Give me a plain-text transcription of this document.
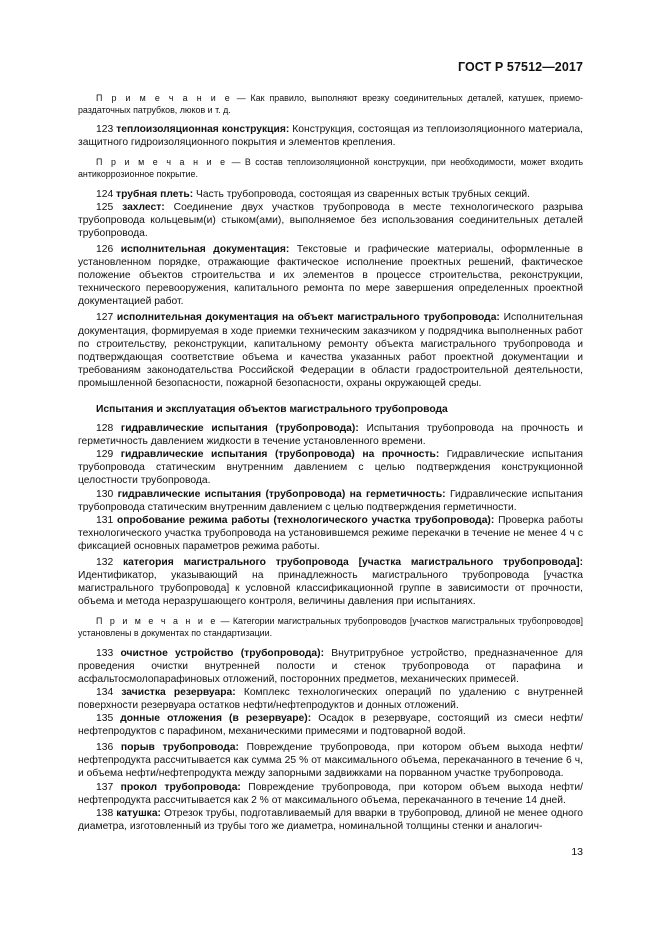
ГОСТ Р 57512—2017

П р и м е ч а н и е — Как правило, выполняют врезку соединительных деталей, катушек, приемо-раздаточных патрубков, люков и т. д.

123 теплоизоляционная конструкция: Конструкция, состоящая из теплоизоляционного материала, защитного гидроизоляционного покрытия и элементов крепления.

П р и м е ч а н и е — В состав теплоизоляционной конструкции, при необходимости, может входить антикоррозионное покрытие.

124 трубная плеть: Часть трубопровода, состоящая из сваренных встык трубных секций.

125 захлест: Соединение двух участков трубопровода в месте технологического разрыва трубопровода кольцевым(и) стыком(ами), выполняемое без использования соединительных деталей трубопровода.

126 исполнительная документация: Текстовые и графические материалы, оформленные в установленном порядке, отражающие фактическое исполнение проектных решений, фактическое положение объектов строительства и их элементов в процессе строительства, реконструкции, технического перевооружения, капитального ремонта по мере завершения определенных проектной документацией работ.

127 исполнительная документация на объект магистрального трубопровода: Исполнительная документация, формируемая в ходе приемки техническим заказчиком у подрядчика выполненных работ по строительству, реконструкции, капитальному ремонту объекта магистрального трубопровода и подтверждающая соответствие объема и качества указанных работ проектной документации и требованиям законодательства Российской Федерации в области градостроительной деятельности, промышленной безопасности, пожарной безопасности, охраны окружающей среды.

Испытания и эксплуатация объектов магистрального трубопровода

128 гидравлические испытания (трубопровода): Испытания трубопровода на прочность и герметичность давлением жидкости в течение установленного времени.

129 гидравлические испытания (трубопровода) на прочность: Гидравлические испытания трубопровода статическим внутренним давлением с целью подтверждения конструкционной целостности трубопровода.

130 гидравлические испытания (трубопровода) на герметичность: Гидравлические испытания трубопровода статическим внутренним давлением с целью подтверждения герметичности.

131 опробование режима работы (технологического участка трубопровода): Проверка работы технологического участка трубопровода на установившемся режиме перекачки в течение не менее 4 ч с фиксацией основных параметров режима работы.

132 категория магистрального трубопровода [участка магистрального трубопровода]: Идентификатор, указывающий на принадлежность магистрального трубопровода [участка магистрального трубопровода] к условной классификационной группе в зависимости от прочности, объема и метода неразрушающего контроля, величины давления при испытаниях.

П р и м е ч а н и е — Категории магистральных трубопроводов [участков магистральных трубопроводов] установлены в документах по стандартизации.

133 очистное устройство (трубопровода): Внутритрубное устройство, предназначенное для проведения очистки внутренней полости и стенок трубопровода от парафина и асфальтосмолопарафиновых отложений, посторонних предметов, механических примесей.

134 зачистка резервуара: Комплекс технологических операций по удалению с внутренней поверхности резервуара остатков нефти/нефтепродуктов и донных отложений.

135 донные отложения (в резервуаре): Осадок в резервуаре, состоящий из смеси нефти/нефтепродуктов с парафином, механическими примесями и подтоварной водой.

136 порыв трубопровода: Повреждение трубопровода, при котором объем выхода нефти/нефтепродукта рассчитывается как сумма 25 % от максимального объема, перекачанного в течение 6 ч, и объема нефти/нефтепродукта между запорными задвижками на порванном участке трубопровода.

137 прокол трубопровода: Повреждение трубопровода, при котором объем выхода нефти/нефтепродукта рассчитывается как 2 % от максимального объема, перекачанного в течение 14 дней.

138 катушка: Отрезок трубы, подготавливаемый для вварки в трубопровод, длиной не менее одного диаметра, изготовленный из трубы того же диаметра, номинальной толщины стенки и аналогич-

13
